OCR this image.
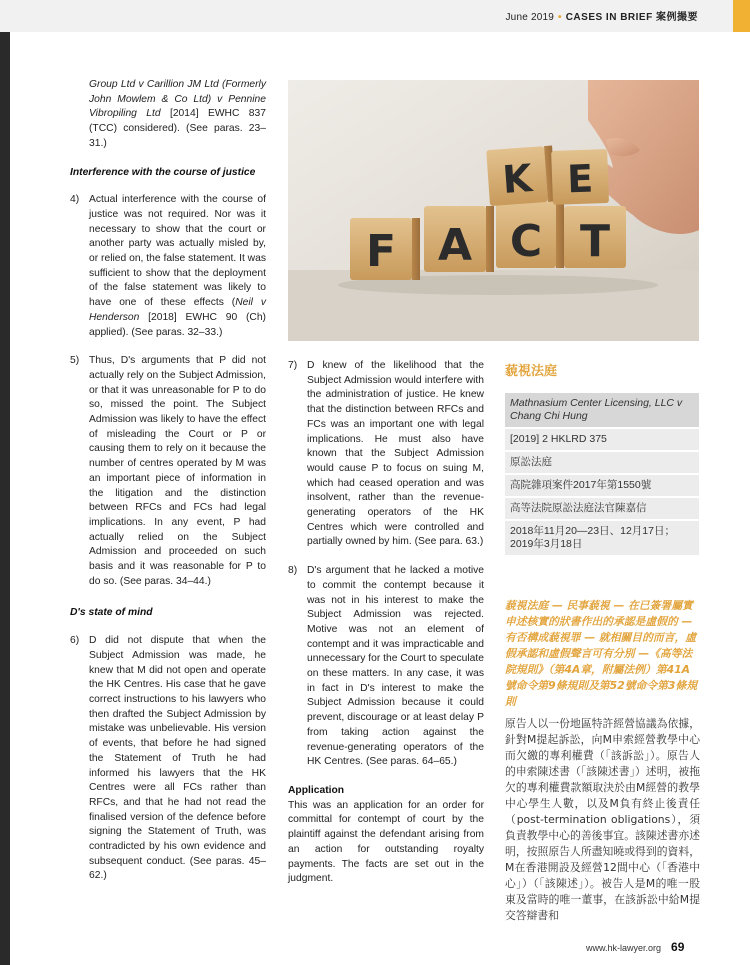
June 2019 • CASES IN BRIEF 案例撮要

Group Ltd v Carillion JM Ltd (Formerly John Mowlem & Co Ltd) v Pennine Vibropiling Ltd [2014] EWHC 837 (TCC) considered). (See paras. 23–31.)

Interference with the course of justice

4) Actual interference with the course of justice was not required. Nor was it necessary to show that the court or another party was actually misled by, or relied on, the false statement. It was sufficient to show that the deployment of the false statement was likely to have one of these effects (Neil v Henderson [2018] EWHC 90 (Ch) applied). (See paras. 32–33.)
5) Thus, D's arguments that P did not actually rely on the Subject Admission, or that it was unreasonable for P to do so, missed the point. The Subject Admission was likely to have the effect of misleading the Court or P or causing them to rely on it because the number of centres operated by M was an important piece of information in the litigation and the distinction between RFCs and FCs had legal implications. In any event, P had actually relied on the Subject Admission and proceeded on such basis and it was reasonable for P to do so. (See paras. 34–44.)

D's state of mind

6) D did not dispute that when the Subject Admission was made, he knew that M did not open and operate the HK Centres. His case that he gave correct instructions to his lawyers who then drafted the Subject Admission by mistake was unbelievable. His version of events, that before he had signed the Statement of Truth he had informed his lawyers that the HK Centres were all FCs rather than RFCs, and that he had not read the finalised version of the defence before signing the Statement of Truth, was contradicted by his own evidence and subsequent conduct. (See paras. 45–62.)
F A C T
K E
7) D knew of the likelihood that the Subject Admission would interfere with the administration of justice. He knew that the distinction between RFCs and FCs was an important one with legal implications. He must also have known that the Subject Admission would cause P to focus on suing M, which had ceased operation and was insolvent, rather than the revenue-generating operators of the HK Centres which were controlled and partially owned by him. (See para. 63.)
8) D's argument that he lacked a motive to commit the contempt because it was not in his interest to make the Subject Admission was rejected. Motive was not an element of contempt and it was impracticable and unnecessary for the Court to speculate on these matters. In any case, it was in fact in D's interest to make the Subject Admission because it could prevent, discourage or at least delay P from taking action against the revenue-generating operators of the HK Centres. (See paras. 64–65.)

Application

This was an application for an order for committal for contempt of court by the plaintiff against the defendant arising from an action for outstanding royalty payments. The facts are set out in the judgment.

藐視法庭
Mathnasium Center Licensing, LLC v Chang Chi Hung
[2019] 2 HKLRD 375
原訟法庭
高院雜項案件2017年第1550號
高等法院原訟法庭法官陳嘉信
2018年11月20—23日、12月17日；2019年3月18日
藐視法庭 — 民事藐視 — 在已簽署屬實申述核實的狀書作出的承認是虛假的 — 有否構成藐視罪 — 就相關目的而言，虛假承認和虛假聲言可有分別 —《高等法院規則》（第4A章，附屬法例）第41A號命令第9條規則及第52號命令第3條規則
原告人以一份地區特許經營協議為依據，針對M提起訴訟，向M申索經營教學中心而欠繳的專利權費（「該訴訟」）。原告人的申索陳述書（「該陳述書」）述明，被拖欠的專利權費款額取決於由M經營的教學中心學生人數，以及M負有終止後責任（post-termination obligations），須負責教學中心的善後事宜。該陳述書亦述明，按照原告人所盡知曉或得到的資料，M在香港開設及經營12間中心（「香港中心」）（「該陳述」）。被告人是M的唯一股東及當時的唯一董事，在該訴訟中給M提交答辯書和
www.hk-lawyer.org 69
